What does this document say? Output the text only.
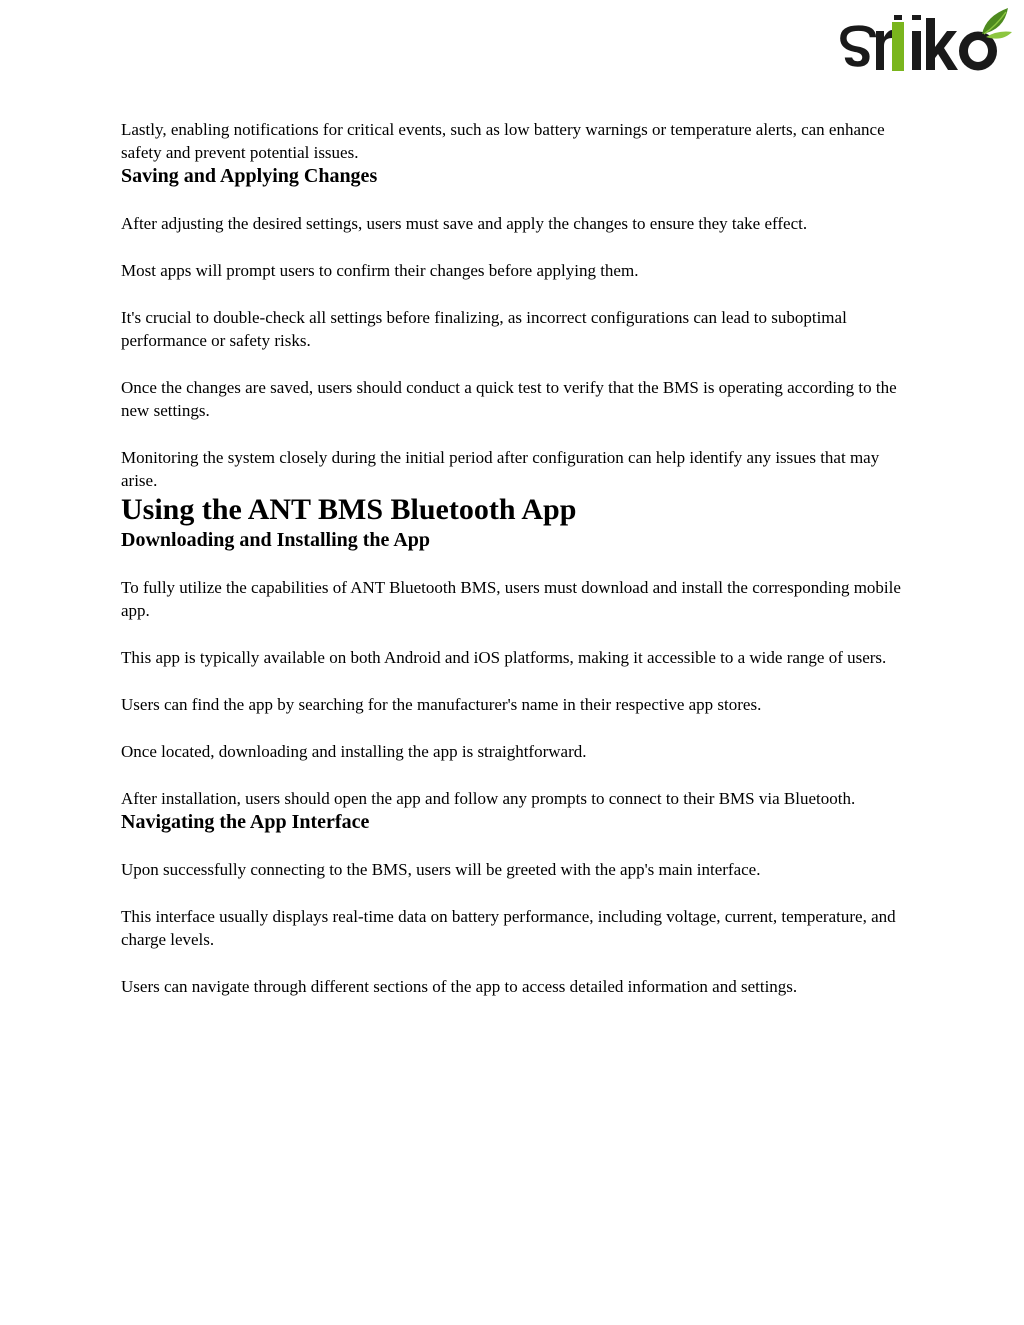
Lastly, enabling notifications for critical events, such as low battery warnings or temperature alerts, can enhance safety and prevent potential issues.

Saving and Applying Changes

After adjusting the desired settings, users must save and apply the changes to ensure they take effect.

Most apps will prompt users to confirm their changes before applying them.

It's crucial to double-check all settings before finalizing, as incorrect configurations can lead to suboptimal performance or safety risks.

Once the changes are saved, users should conduct a quick test to verify that the BMS is operating according to the new settings.

Monitoring the system closely during the initial period after configuration can help identify any issues that may arise.

Using the ANT BMS Bluetooth App
Downloading and Installing the App

To fully utilize the capabilities of ANT Bluetooth BMS, users must download and install the corresponding mobile app.

This app is typically available on both Android and iOS platforms, making it accessible to a wide range of users.

Users can find the app by searching for the manufacturer's name in their respective app stores.

Once located, downloading and installing the app is straightforward.

After installation, users should open the app and follow any prompts to connect to their BMS via Bluetooth.

Navigating the App Interface

Upon successfully connecting to the BMS, users will be greeted with the app's main interface.

This interface usually displays real-time data on battery performance, including voltage, current, temperature, and charge levels.

Users can navigate through different sections of the app to access detailed information and settings.
